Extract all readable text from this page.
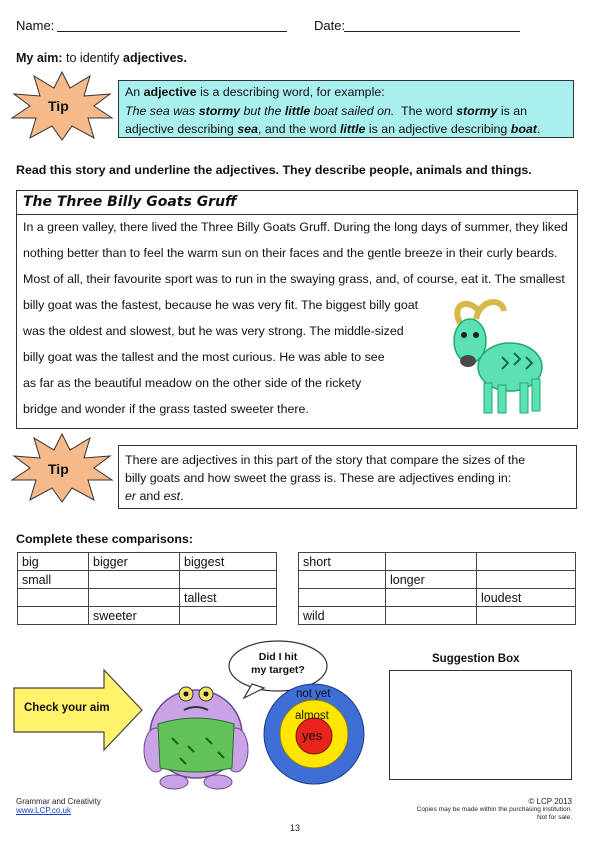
Name:	Date:
My aim: to identify adjectives.
Tip
An adjective is a describing word, for example:
The sea was stormy but the little boat sailed on.  The word stormy is an
adjective describing sea, and the word little is an adjective describing boat.
Read this story and underline the adjectives. They describe people, animals and things.
The Three Billy Goats Gruff
In a green valley, there lived the Three Billy Goats Gruff. During the long days of summer, they liked
nothing better than to feel the warm sun on their faces and the gentle breeze in their curly beards.
Most of all, their favourite sport was to run in the swaying grass, and, of course, eat it. The smallest
billy goat was the fastest, because he was very fit. The biggest billy goat
was the oldest and slowest, but he was very strong. The middle-sized
billy goat was the tallest and the most curious. He was able to see
as far as the beautiful meadow on the other side of the rickety
bridge and wonder if the grass tasted sweeter there.
Tip
There are adjectives in this part of the story that compare the sizes of the
billy goats and how sweet the grass is. These are adjectives ending in:
er and est.
Complete these comparisons:
big	bigger	biggest
small		
		tallest
	sweeter	
short		
	longer	
		loudest
wild		
Check your aim
Did I hit
my target?
not yet
almost
yes
Suggestion Box
Grammar and Creativity
www.LCP.co.uk
13
© LCP 2013
Copies may be made within the purchasing institution.
Not for sale.
